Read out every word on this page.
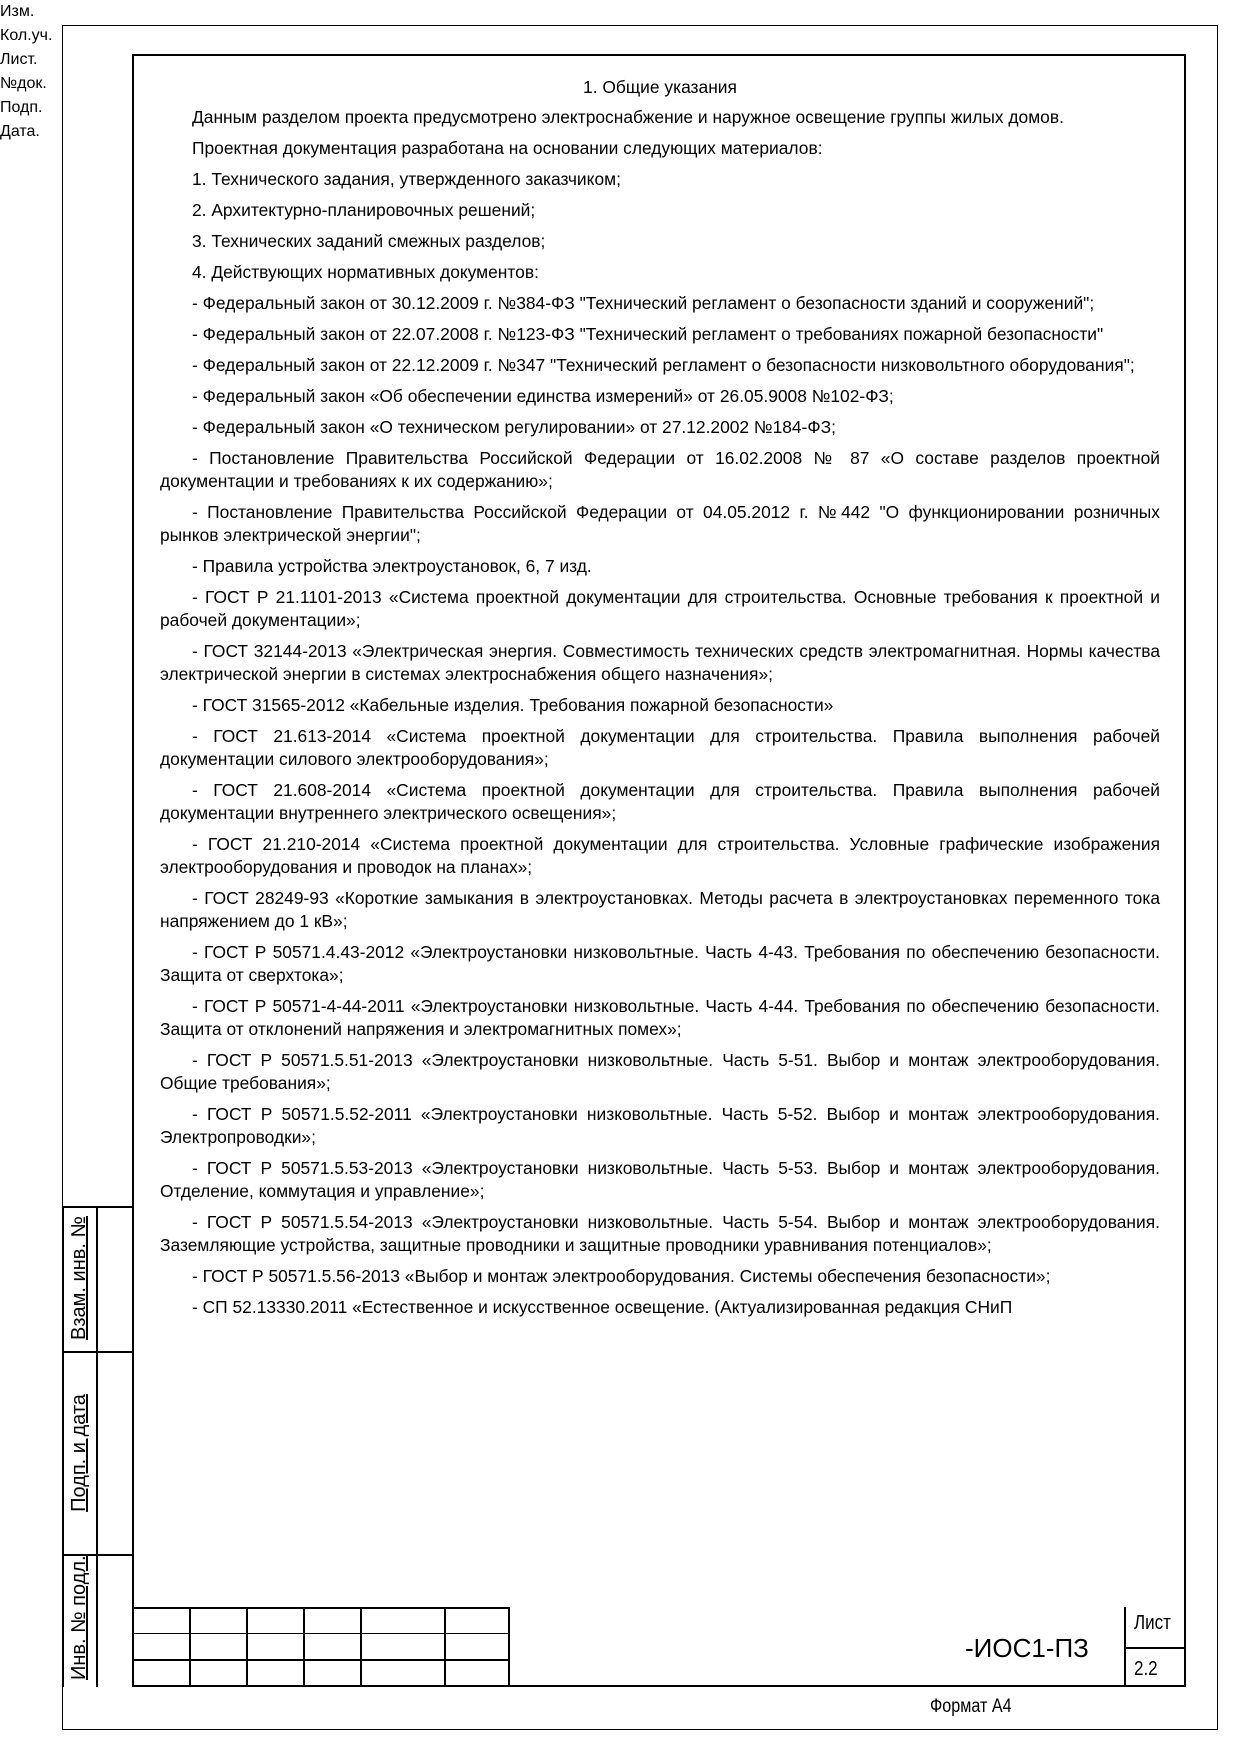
Взам. инв. №
Подп. и дата
Инв. № подл.
1. Общие указания

Данным разделом проекта предусмотрено электроснабжение и наружное освещение группы жилых домов.

Проектная документация разработана на основании следующих материалов:

1. Технического задания, утвержденного заказчиком;

2. Архитектурно-планировочных решений;

3. Технических заданий смежных разделов;

4. Действующих нормативных документов:

- Федеральный закон от 30.12.2009 г. №384-ФЗ "Технический регламент о безопасности зданий и сооружений";

- Федеральный закон от 22.07.2008 г. №123-ФЗ "Технический регламент о требованиях пожарной безопасности"

- Федеральный закон от 22.12.2009 г. №347 "Технический регламент о безопасности низковольтного оборудования";

- Федеральный закон «Об обеспечении единства измерений» от 26.05.9008 №102-ФЗ;

- Федеральный закон «О техническом регулировании» от 27.12.2002 №184-ФЗ;

- Постановление Правительства Российской Федерации от 16.02.2008 № 87 «О составе разделов проектной документации и требованиях к их содержанию»;

- Постановление Правительства Российской Федерации от 04.05.2012 г. №442 "О функционировании розничных рынков электрической энергии";

- Правила устройства электроустановок, 6, 7 изд.

- ГОСТ Р 21.1101-2013 «Система проектной документации для строительства. Основные требования к проектной и рабочей документации»;

- ГОСТ 32144-2013 «Электрическая энергия. Совместимость технических средств электромагнитная. Нормы качества электрической энергии в системах электроснабжения общего назначения»;

- ГОСТ 31565-2012 «Кабельные изделия. Требования пожарной безопасности»

- ГОСТ 21.613-2014 «Система проектной документации для строительства. Правила выполнения рабочей документации силового электрооборудования»;

- ГОСТ 21.608-2014 «Система проектной документации для строительства. Правила выполнения рабочей документации внутреннего электрического освещения»;

- ГОСТ 21.210-2014 «Система проектной документации для строительства. Условные графические изображения электрооборудования и проводок на планах»;

- ГОСТ 28249-93 «Короткие замыкания в электроустановках. Методы расчета в электроустановках переменного тока напряжением до 1 кВ»;

- ГОСТ Р 50571.4.43-2012 «Электроустановки низковольтные. Часть 4-43. Требования по обеспечению безопасности. Защита от сверхтока»;

- ГОСТ Р 50571-4-44-2011 «Электроустановки низковольтные. Часть 4-44. Требования по обеспечению безопасности. Защита от отклонений напряжения и электромагнитных помех»;

- ГОСТ Р 50571.5.51-2013 «Электроустановки низковольтные. Часть 5-51. Выбор и монтаж электрооборудования. Общие требования»;

- ГОСТ Р 50571.5.52-2011 «Электроустановки низковольтные. Часть 5-52. Выбор и монтаж электрооборудования. Электропроводки»;

- ГОСТ Р 50571.5.53-2013 «Электроустановки низковольтные. Часть 5-53. Выбор и монтаж электрооборудования. Отделение, коммутация и управление»;

- ГОСТ Р 50571.5.54-2013 «Электроустановки низковольтные. Часть 5-54. Выбор и монтаж электрооборудования. Заземляющие устройства, защитные проводники и защитные проводники уравнивания потенциалов»;

- ГОСТ Р 50571.5.56-2013 «Выбор и монтаж электрооборудования. Системы обеспечения безопасности»;

- СП 52.13330.2011 «Естественное и искусственное освещение. (Актуализированная редакция СНиП

Изм.
Кол.уч.
Лист.
№док.
Подп.
Дата.
-ИОС1-ПЗ
Лист
2.2
Формат А4
